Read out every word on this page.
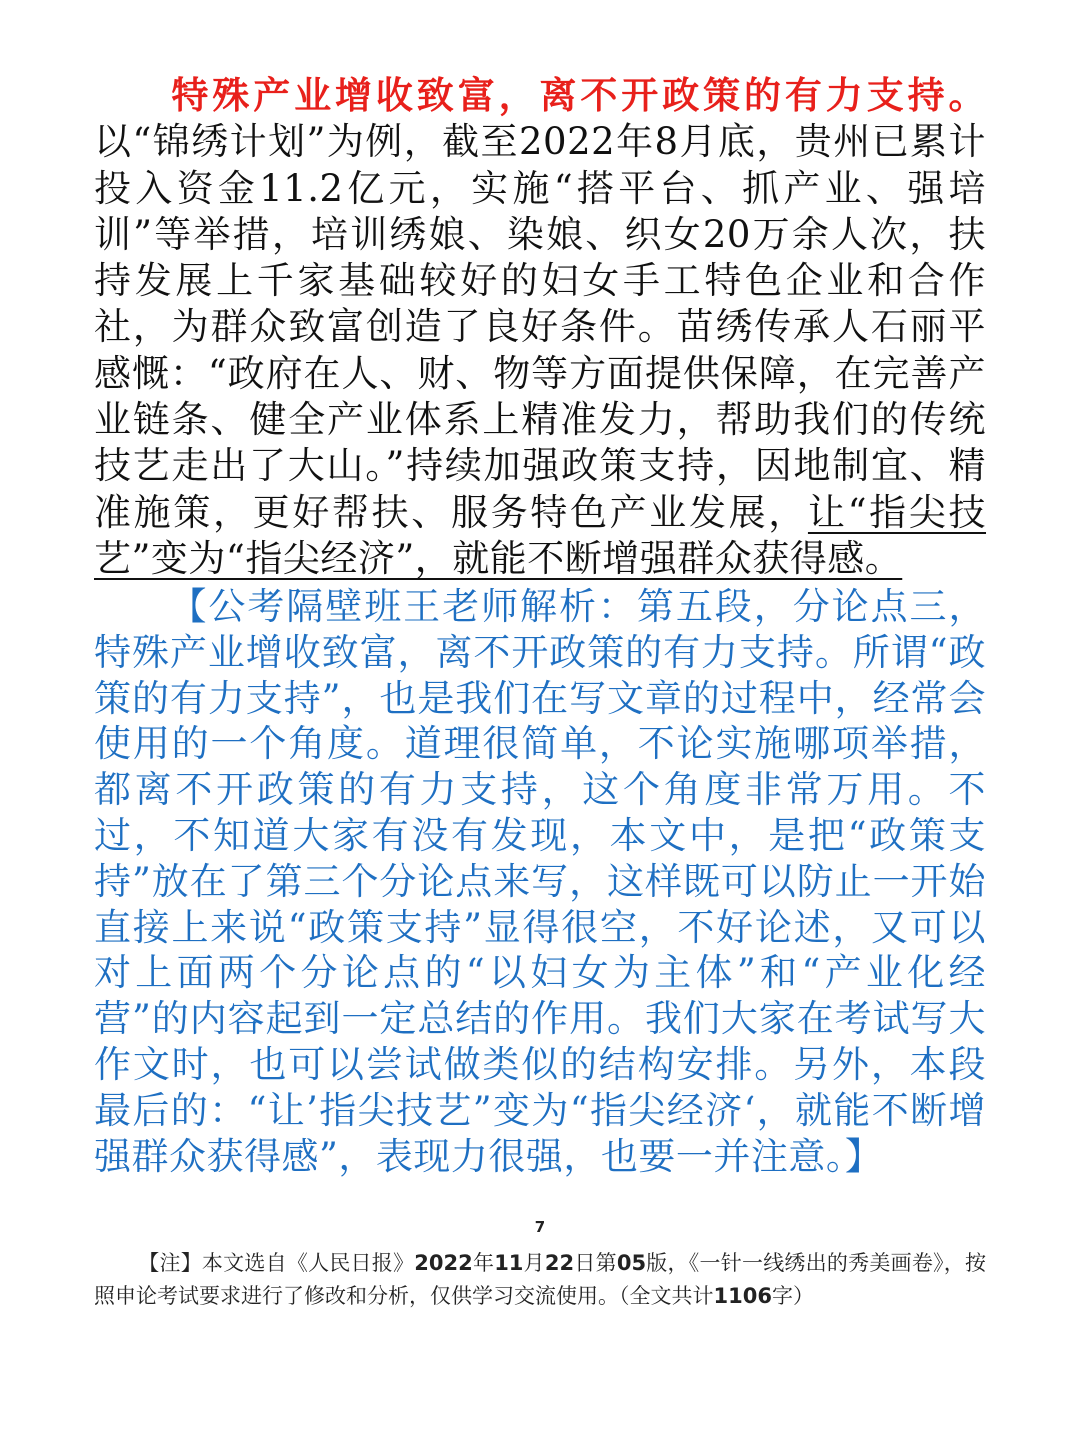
特殊产业增收致富，离不开政策的有力支持。以“锦绣计划”为例，截至2022年8月底，贵州已累计投入资金11.2亿元，实施“搭平台、抓产业、强培训”等举措，培训绣娘、染娘、织女20万余人次，扶持发展上千家基础较好的妇女手工特色企业和合作社，为群众致富创造了良好条件。苗绣传承人石丽平感慨：“政府在人、财、物等方面提供保障，在完善产业链条、健全产业体系上精准发力，帮助我们的传统技艺走出了大山。”持续加强政策支持，因地制宜、精准施策，更好帮扶、服务特色产业发展，让“指尖技艺”变为“指尖经济”，就能不断增强群众获得感。

【公考隔壁班王老师解析：第五段，分论点三，特殊产业增收致富，离不开政策的有力支持。所谓“政策的有力支持”，也是我们在写文章的过程中，经常会使用的一个角度。道理很简单，不论实施哪项举措，都离不开政策的有力支持，这个角度非常万用。不过，不知道大家有没有发现，本文中，是把“政策支持”放在了第三个分论点来写，这样既可以防止一开始直接上来说“政策支持”显得很空，不好论述，又可以对上面两个分论点的“以妇女为主体”和“产业化经营”的内容起到一定总结的作用。我们大家在考试写大作文时，也可以尝试做类似的结构安排。另外，本段最后的：“让’指尖技艺”变为“指尖经济‘，就能不断增强群众获得感”，表现力很强，也要一并注意。】

7

【注】本文选自《人民日报》2022年11月22日第05版，《一针一线绣出的秀美画卷》，按照申论考试要求进行了修改和分析，仅供学习交流使用。（全文共计1106字）
